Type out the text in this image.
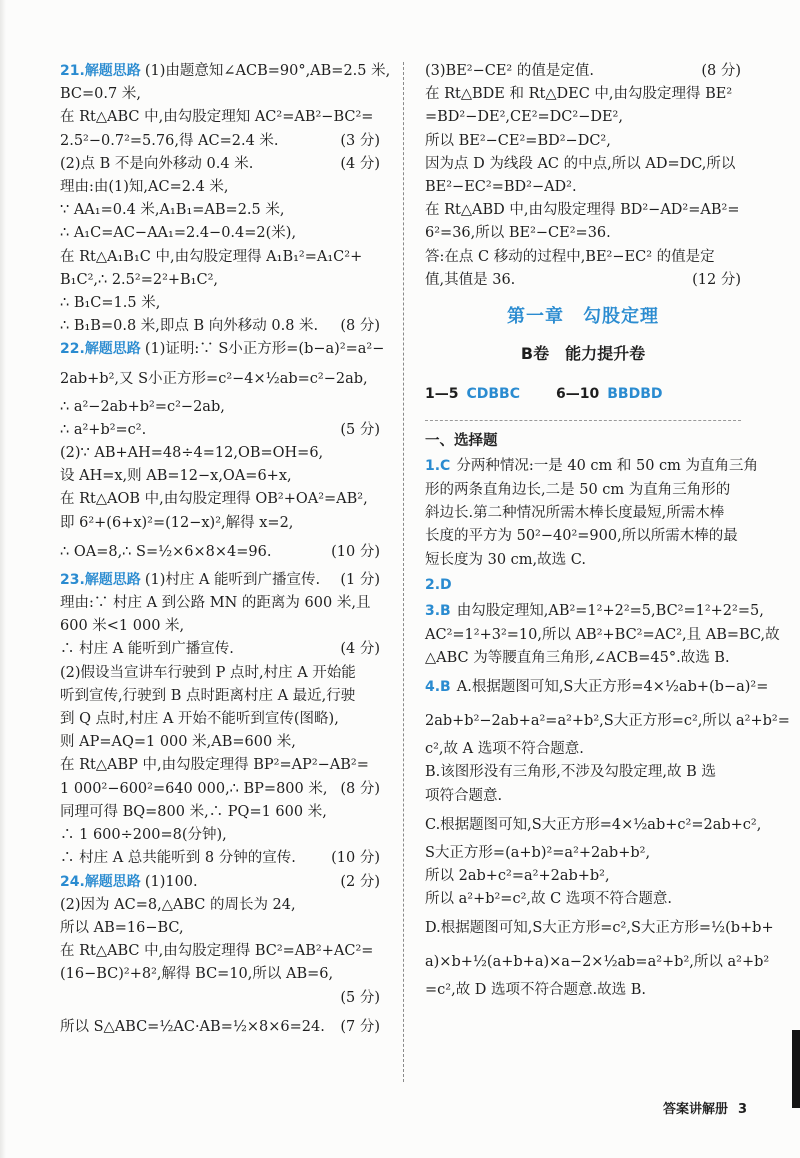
21.解题思路 (1)由题意知∠ACB=90°,AB=2.5 米,
BC=0.7 米,
在 Rt△ABC 中,由勾股定理知 AC²=AB²−BC²=
2.5²−0.7²=5.76,得 AC=2.4 米.	(3 分)
(2)点 B 不是向外移动 0.4 米.	(4 分)
理由:由(1)知,AC=2.4 米,
∵ AA₁=0.4 米,A₁B₁=AB=2.5 米,
∴ A₁C=AC−AA₁=2.4−0.4=2(米),
在 Rt△A₁B₁C 中,由勾股定理得 A₁B₁²=A₁C²+
B₁C²,∴ 2.5²=2²+B₁C²,
∴ B₁C=1.5 米,
∴ B₁B=0.8 米,即点 B 向外移动 0.8 米. (8 分)
22.解题思路 (1)证明:∵ S小正方形=(b−a)²=a²−
2ab+b²,又 S小正方形=c²−4×½ab=c²−2ab,
∴ a²−2ab+b²=c²−2ab,
∴ a²+b²=c².	(5 分)
(2)∵ AB+AH=48÷4=12,OB=OH=6,
设 AH=x,则 AB=12−x,OA=6+x,
在 Rt△AOB 中,由勾股定理得 OB²+OA²=AB²,
即 6²+(6+x)²=(12−x)²,解得 x=2,
∴ OA=8,∴ S=½×6×8×4=96.	(10 分)
23.解题思路 (1)村庄 A 能听到广播宣传. (1 分)
理由:∵ 村庄 A 到公路 MN 的距离为 600 米,且
600 米<1 000 米,
∴ 村庄 A 能听到广播宣传.	(4 分)
(2)假设当宣讲车行驶到 P 点时,村庄 A 开始能
听到宣传,行驶到 B 点时距离村庄 A 最近,行驶
到 Q 点时,村庄 A 开始不能听到宣传(图略),
则 AP=AQ=1 000 米,AB=600 米,
在 Rt△ABP 中,由勾股定理得 BP²=AP²−AB²=
1 000²−600²=640 000,∴ BP=800 米, (8 分)
同理可得 BQ=800 米,∴ PQ=1 600 米,
∴ 1 600÷200=8(分钟),
∴ 村庄 A 总共能听到 8 分钟的宣传. (10 分)
24.解题思路 (1)100.	(2 分)
(2)因为 AC=8,△ABC 的周长为 24,
所以 AB=16−BC,
在 Rt△ABC 中,由勾股定理得 BC²=AB²+AC²=
(16−BC)²+8²,解得 BC=10,所以 AB=6,
(5 分)
所以 S△ABC=½AC·AB=½×8×6=24. (7 分)
(3)BE²−CE² 的值是定值.	(8 分)
在 Rt△BDE 和 Rt△DEC 中,由勾股定理得 BE²
=BD²−DE²,CE²=DC²−DE²,
所以 BE²−CE²=BD²−DC²,
因为点 D 为线段 AC 的中点,所以 AD=DC,所以
BE²−EC²=BD²−AD².
在 Rt△ABD 中,由勾股定理得 BD²−AD²=AB²=
6²=36,所以 BE²−CE²=36.
答:在点 C 移动的过程中,BE²−EC² 的值是定
值,其值是 36.	(12 分)
第一章　勾股定理
B卷　能力提升卷
1—5 CDBBC	6—10 BBDBD
一、选择题
1.C 分两种情况:一是 40 cm 和 50 cm 为直角三角
形的两条直角边长,二是 50 cm 为直角三角形的
斜边长.第二种情况所需木棒长度最短,所需木棒
长度的平方为 50²−40²=900,所以所需木棒的最
短长度为 30 cm,故选 C.
2.D
3.B 由勾股定理知,AB²=1²+2²=5,BC²=1²+2²=5,
AC²=1²+3²=10,所以 AB²+BC²=AC²,且 AB=BC,故
△ABC 为等腰直角三角形,∠ACB=45°.故选 B.
4.B A.根据题图可知,S大正方形=4×½ab+(b−a)²=
2ab+b²−2ab+a²=a²+b²,S大正方形=c²,所以 a²+b²=
c²,故 A 选项不符合题意.
B.该图形没有三角形,不涉及勾股定理,故 B 选
项符合题意.
C.根据题图可知,S大正方形=4×½ab+c²=2ab+c²,
S大正方形=(a+b)²=a²+2ab+b²,
所以 2ab+c²=a²+2ab+b²,
所以 a²+b²=c²,故 C 选项不符合题意.
D.根据题图可知,S大正方形=c²,S大正方形=½(b+b+
a)×b+½(a+b+a)×a−2×½ab=a²+b²,所以 a²+b²
=c²,故 D 选项不符合题意.故选 B.
答案讲解册 3
